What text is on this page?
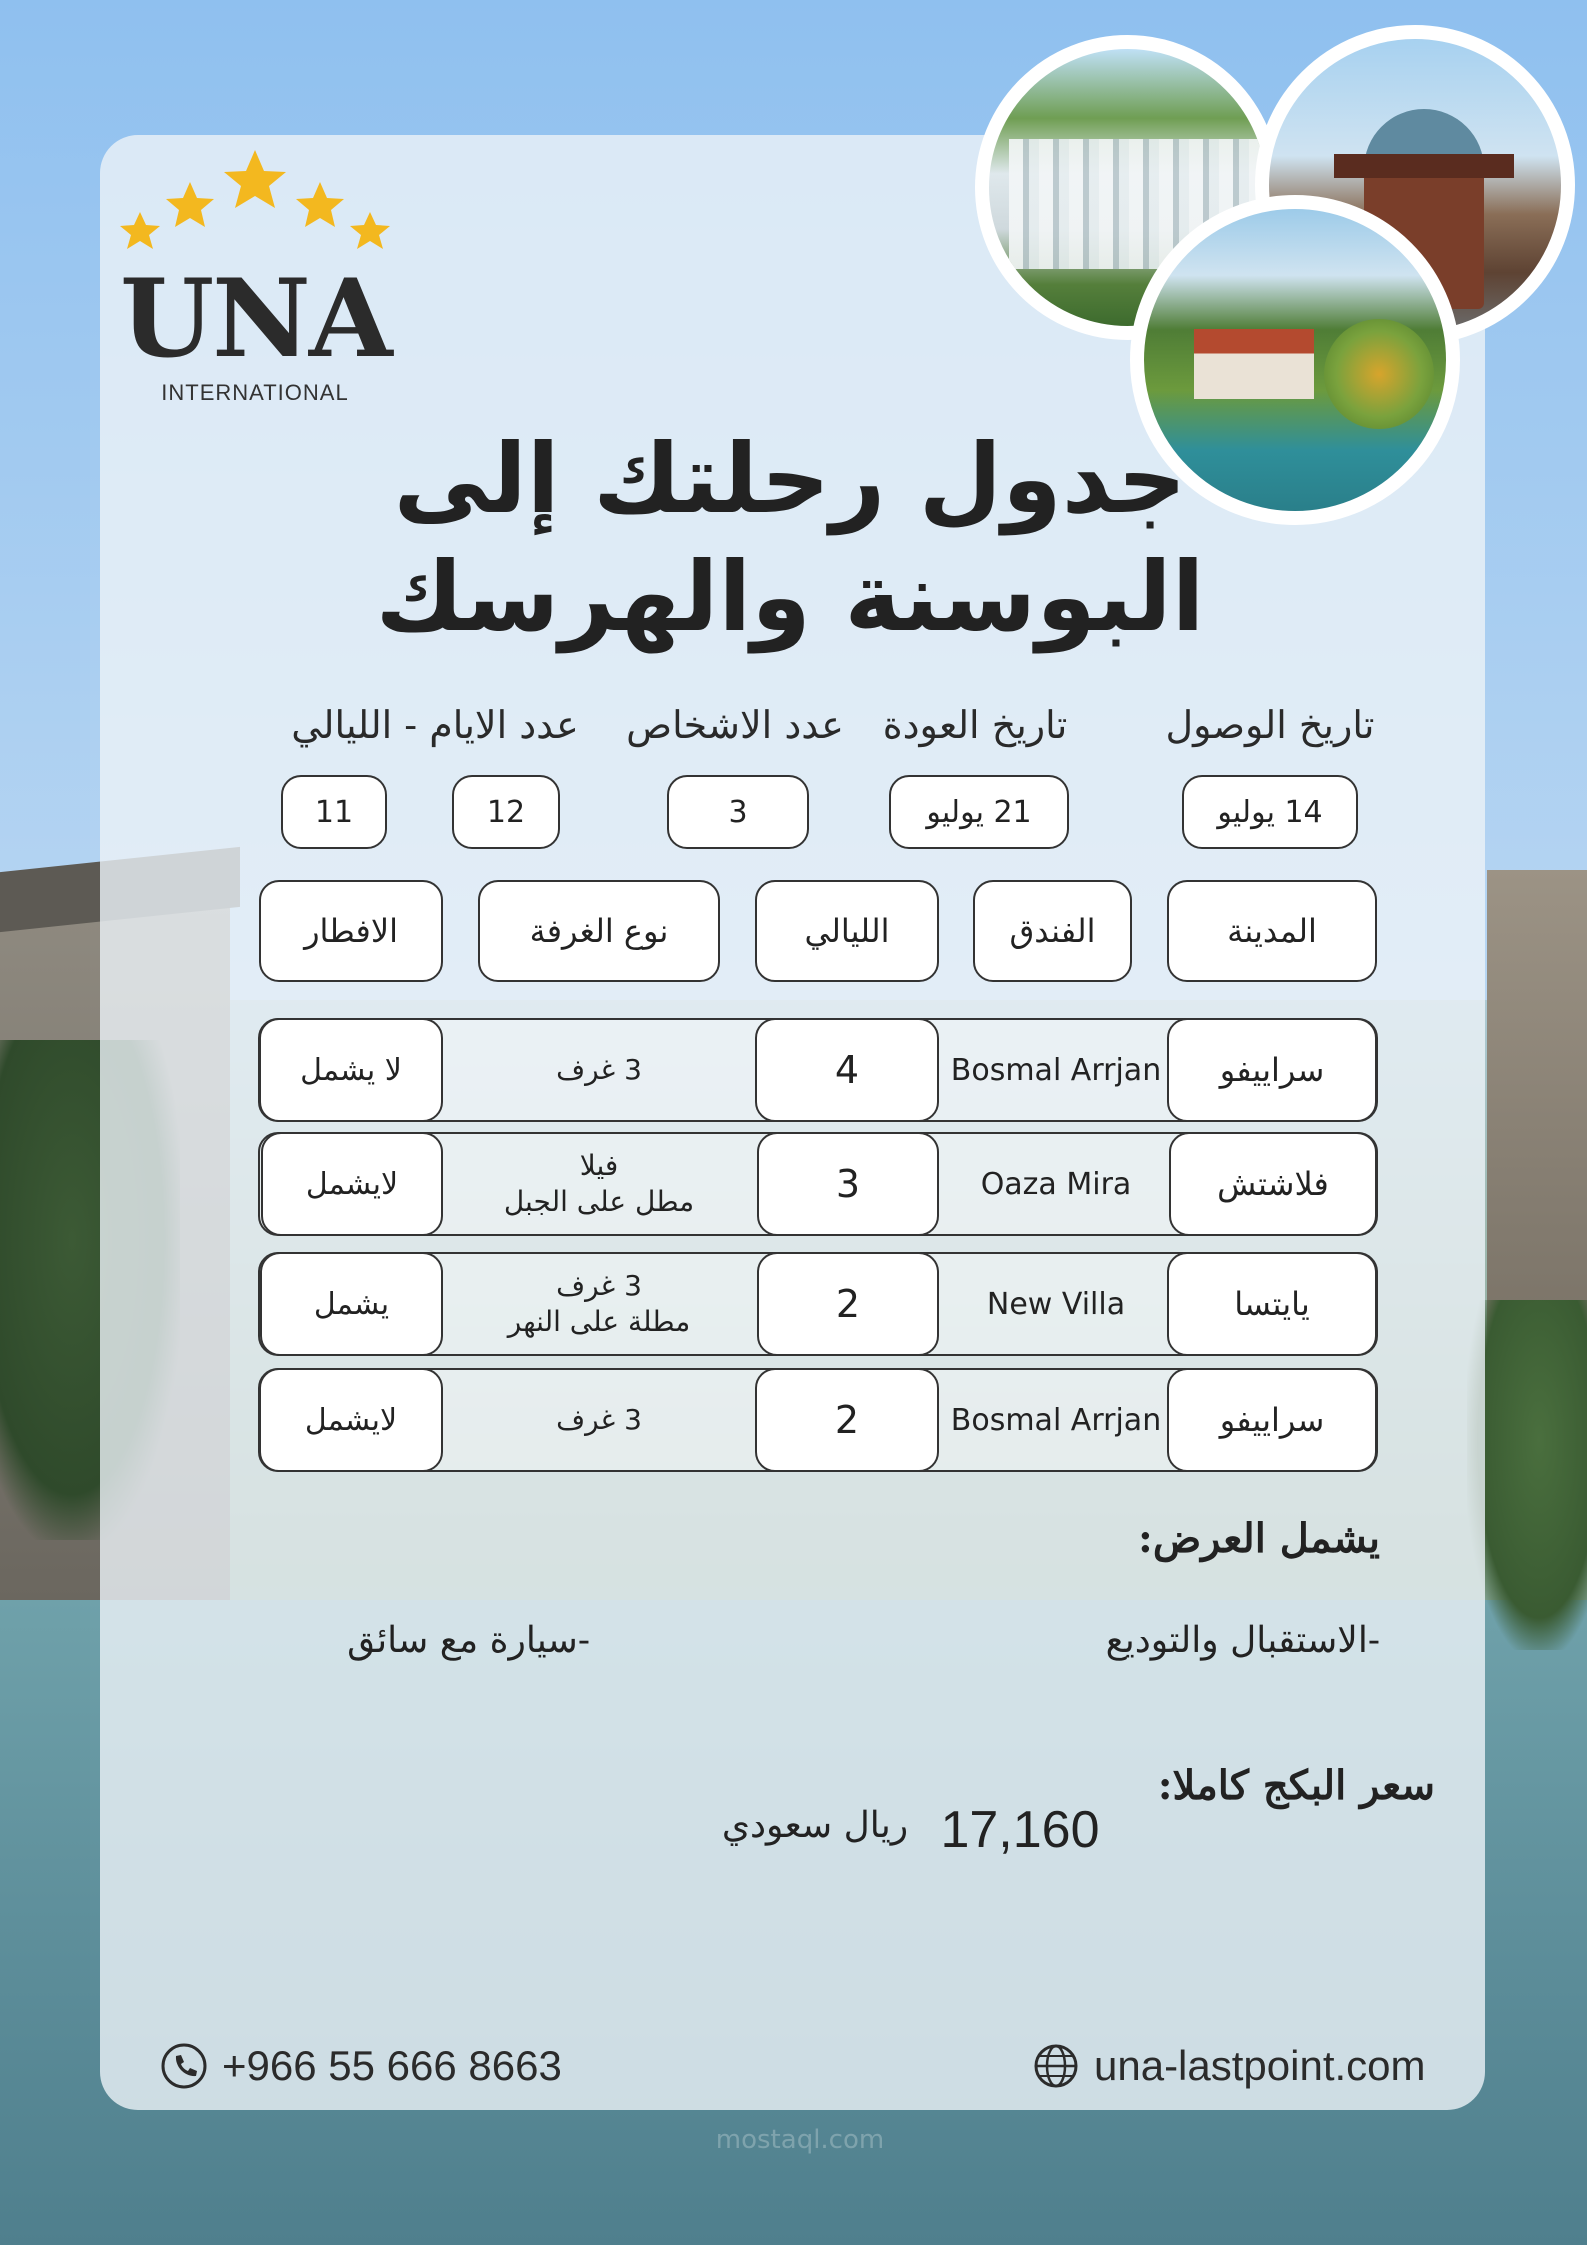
UNA
INTERNATIONAL
جدول رحلتك إلى
البوسنة والهرسك
تاريخ الوصول
تاريخ العودة
عدد الاشخاص
عدد الايام - الليالي
14 يوليو
21 يوليو
3
12
11
المدينة
الفندق
الليالي
نوع الغرفة
الافطار
سراييفو
Bosmal Arrjan
4
3 غرف
لا يشمل
فلاشتش
Oaza Mira
3
فيلا
مطل على الجبل
لايشمل
يايتسا
New Villa
2
3 غرف
مطلة على النهر
يشمل
سراييفو
Bosmal Arrjan
2
3 غرف
لايشمل
يشمل العرض:
-الاستقبال والتوديع
-سيارة مع سائق
سعر البكج كاملا:
17,160
ريال سعودي
+966 55 666 8663	una-lastpoint.com
mostaql.com
